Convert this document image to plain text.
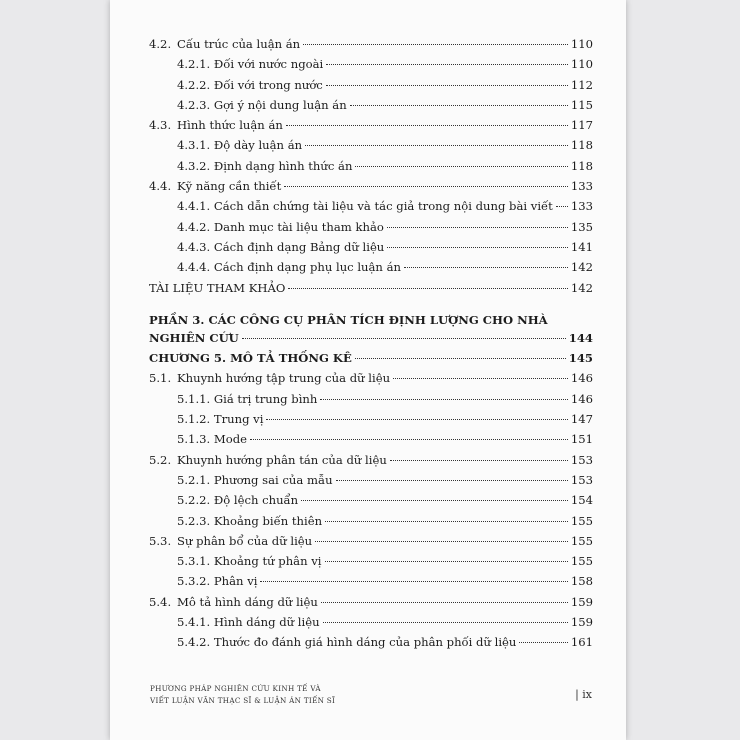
4.2. Cấu trúc của luận án	110
4.2.1. Đối với nước ngoài	110
4.2.2. Đối với trong nước	112
4.2.3. Gợi ý nội dung luận án	115
4.3. Hình thức luận án	117
4.3.1. Độ dày luận án	118
4.3.2. Định dạng hình thức án	118
4.4. Kỹ năng cần thiết	133
4.4.1. Cách dẫn chứng tài liệu và tác giả trong nội dung bài viết 133
4.4.2. Danh mục tài liệu tham khảo	135
4.4.3. Cách định dạng Bảng dữ liệu	141
4.4.4. Cách định dạng phụ lục luận án	142
TÀI LIỆU THAM KHẢO	142
PHẦN 3. CÁC CÔNG CỤ PHÂN TÍCH ĐỊNH LƯỢNG CHO NHÀ
NGHIÊN CỨU	144
CHƯƠNG 5. MÔ TẢ THỐNG KÊ	145
5.1. Khuynh hướng tập trung của dữ liệu	146
5.1.1. Giá trị trung bình	146
5.1.2. Trung vị	147
5.1.3. Mode	151
5.2. Khuynh hướng phân tán của dữ liệu	153
5.2.1. Phương sai của mẫu	153
5.2.2. Độ lệch chuẩn	154
5.2.3. Khoảng biến thiên	155
5.3. Sự phân bổ của dữ liệu	155
5.3.1. Khoảng tứ phân vị	155
5.3.2. Phân vị	158
5.4. Mô tả hình dáng dữ liệu	159
5.4.1. Hình dáng dữ liệu	159
5.4.2. Thước đo đánh giá hình dáng của phân phối dữ liệu	161
PHƯƠNG PHÁP NGHIÊN CỨU KINH TẾ VÀ
VIẾT LUẬN VĂN THẠC SĨ & LUẬN ÁN TIẾN SĨ	| ix
